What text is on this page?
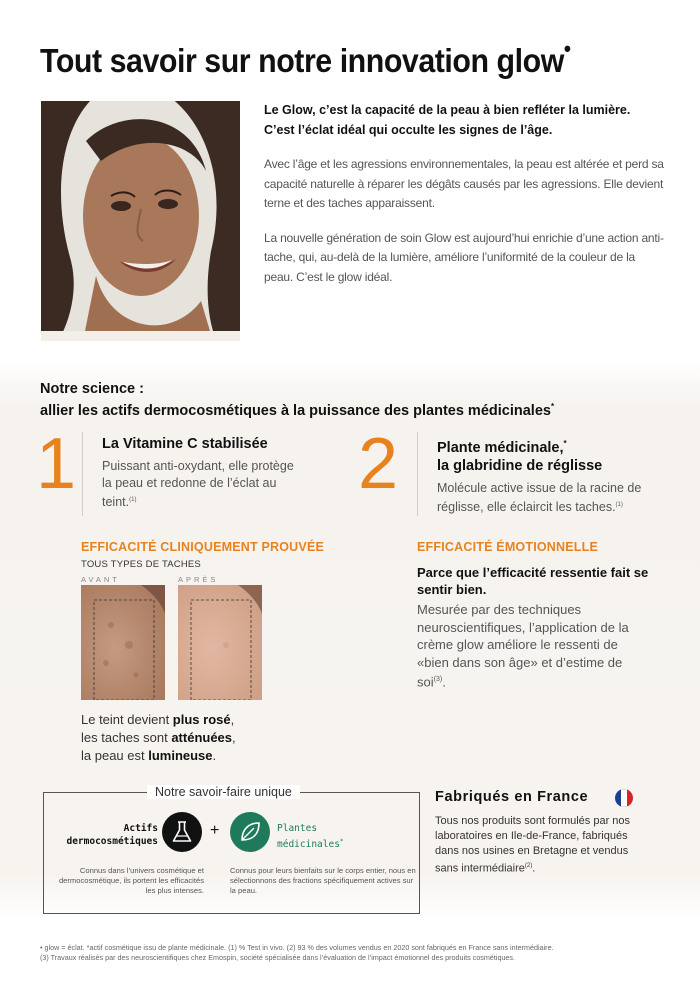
Tout savoir sur notre innovation glow•

Le Glow, c’est la capacité de la peau à bien refléter la lumière. C’est l’éclat idéal qui occulte les signes de l’âge.

Avec l’âge et les agressions environnementales, la peau est altérée et perd sa capacité naturelle à réparer les dégâts causés par les agressions. Elle devient terne et des taches apparaissent.

La nouvelle génération de soin Glow est aujourd’hui enrichie d’une action anti-tache, qui, au-delà de la lumière, améliore l’uniformité de la couleur de la peau. C’est le glow idéal.

Notre science :
allier les actifs dermocosmétiques à la puissance des plantes médicinales*
1 La Vitamine C stabilisée
Puissant anti-oxydant, elle protège la peau et redonne de l’éclat au teint.$^{(1)}$	2	Plante médicinale,*
la glabridine de réglisse
Molécule active issue de la racine de réglisse, elle éclaircit les taches.$^{(1)}$
EFFICACITÉ CLINIQUEMENT PROUVÉE
TOUS TYPES DE TACHES
AVANT	APRÈS
Le teint devient plus rosé,
les taches sont atténuées,
la peau est lumineuse.
EFFICACITÉ ÉMOTIONNELLE
Parce que l’efficacité ressentie fait se sentir bien.
Mesurée par des techniques neuroscientifiques, l’application de la crème glow améliore le ressenti de «bien dans son âge» et d’estime de soi$^{(3)}$.
Notre savoir-faire unique
Actifs
dermocosmétiques
+	Plantes
médicinales*
Connus dans l’univers cosmétique et dermocosmétique, ils portent les efficacités les plus intenses.
Connus pour leurs bienfaits sur le corps entier, nous en sélectionnons des fractions spécifiquement actives sur la peau.
Fabriqués en France
Tous nos produits sont formulés par nos laboratoires en Ile-de-France, fabriqués dans nos usines en Bretagne et vendus sans intermédiaire$^{(2)}$.
• glow = éclat. *actif cosmétique issu de plante médicinale. (1) % Test in vivo. (2) 93 % des volumes vendus en 2020 sont fabriqués en France sans intermédiaire.
(3) Travaux réalisés par des neuroscientifiques chez Emospin, société spécialisée dans l’évaluation de l’impact émotionnel des produits cosmétiques.
